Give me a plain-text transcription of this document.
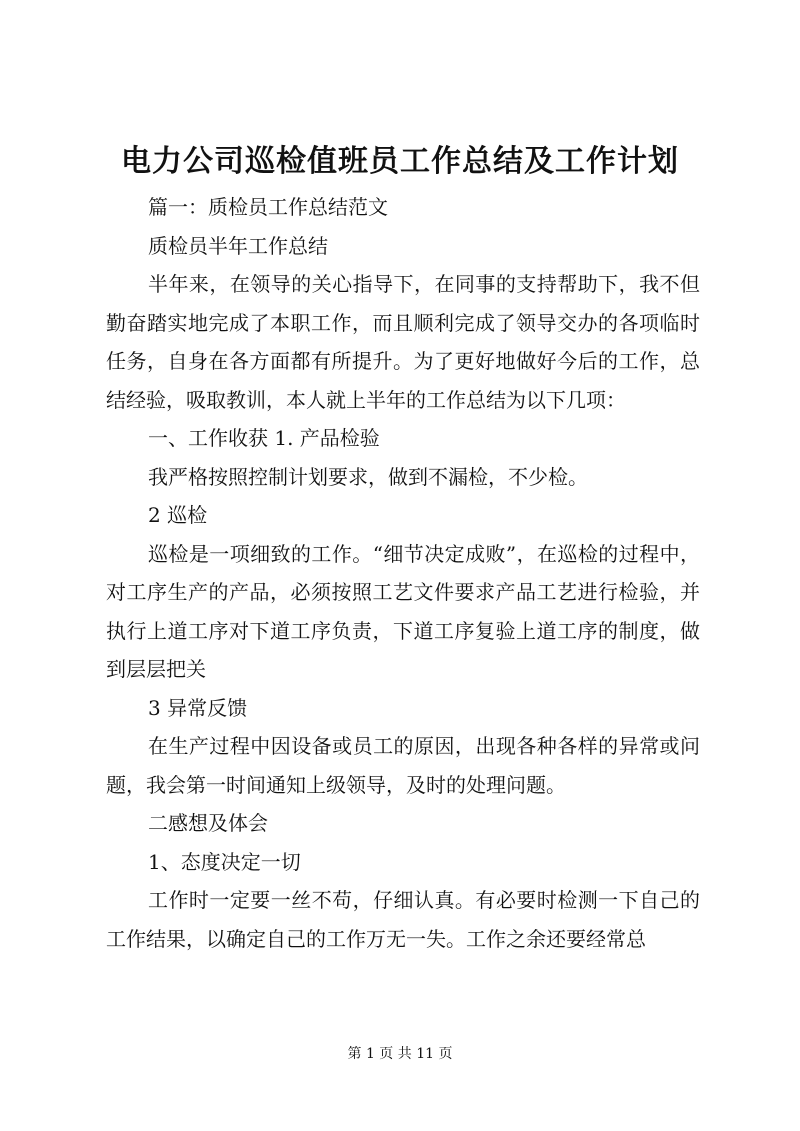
电力公司巡检值班员工作总结及工作计划

篇一：质检员工作总结范文

质检员半年工作总结

半年来，在领导的关心指导下，在同事的支持帮助下，我不但勤奋踏实地完成了本职工作，而且顺利完成了领导交办的各项临时任务，自身在各方面都有所提升。为了更好地做好今后的工作，总结经验，吸取教训，本人就上半年的工作总结为以下几项：

一、工作收获 1. 产品检验

我严格按照控制计划要求，做到不漏检，不少检。

2 巡检

巡检是一项细致的工作。“细节决定成败”，在巡检的过程中，对工序生产的产品，必须按照工艺文件要求产品工艺进行检验，并执行上道工序对下道工序负责，下道工序复验上道工序的制度，做到层层把关

3 异常反馈

在生产过程中因设备或员工的原因，出现各种各样的异常或问题，我会第一时间通知上级领导，及时的处理问题。

二感想及体会

1、态度决定一切

工作时一定要一丝不苟，仔细认真。有必要时检测一下自己的工作结果，以确定自己的工作万无一失。工作之余还要经常总

第 1 页 共 11 页
